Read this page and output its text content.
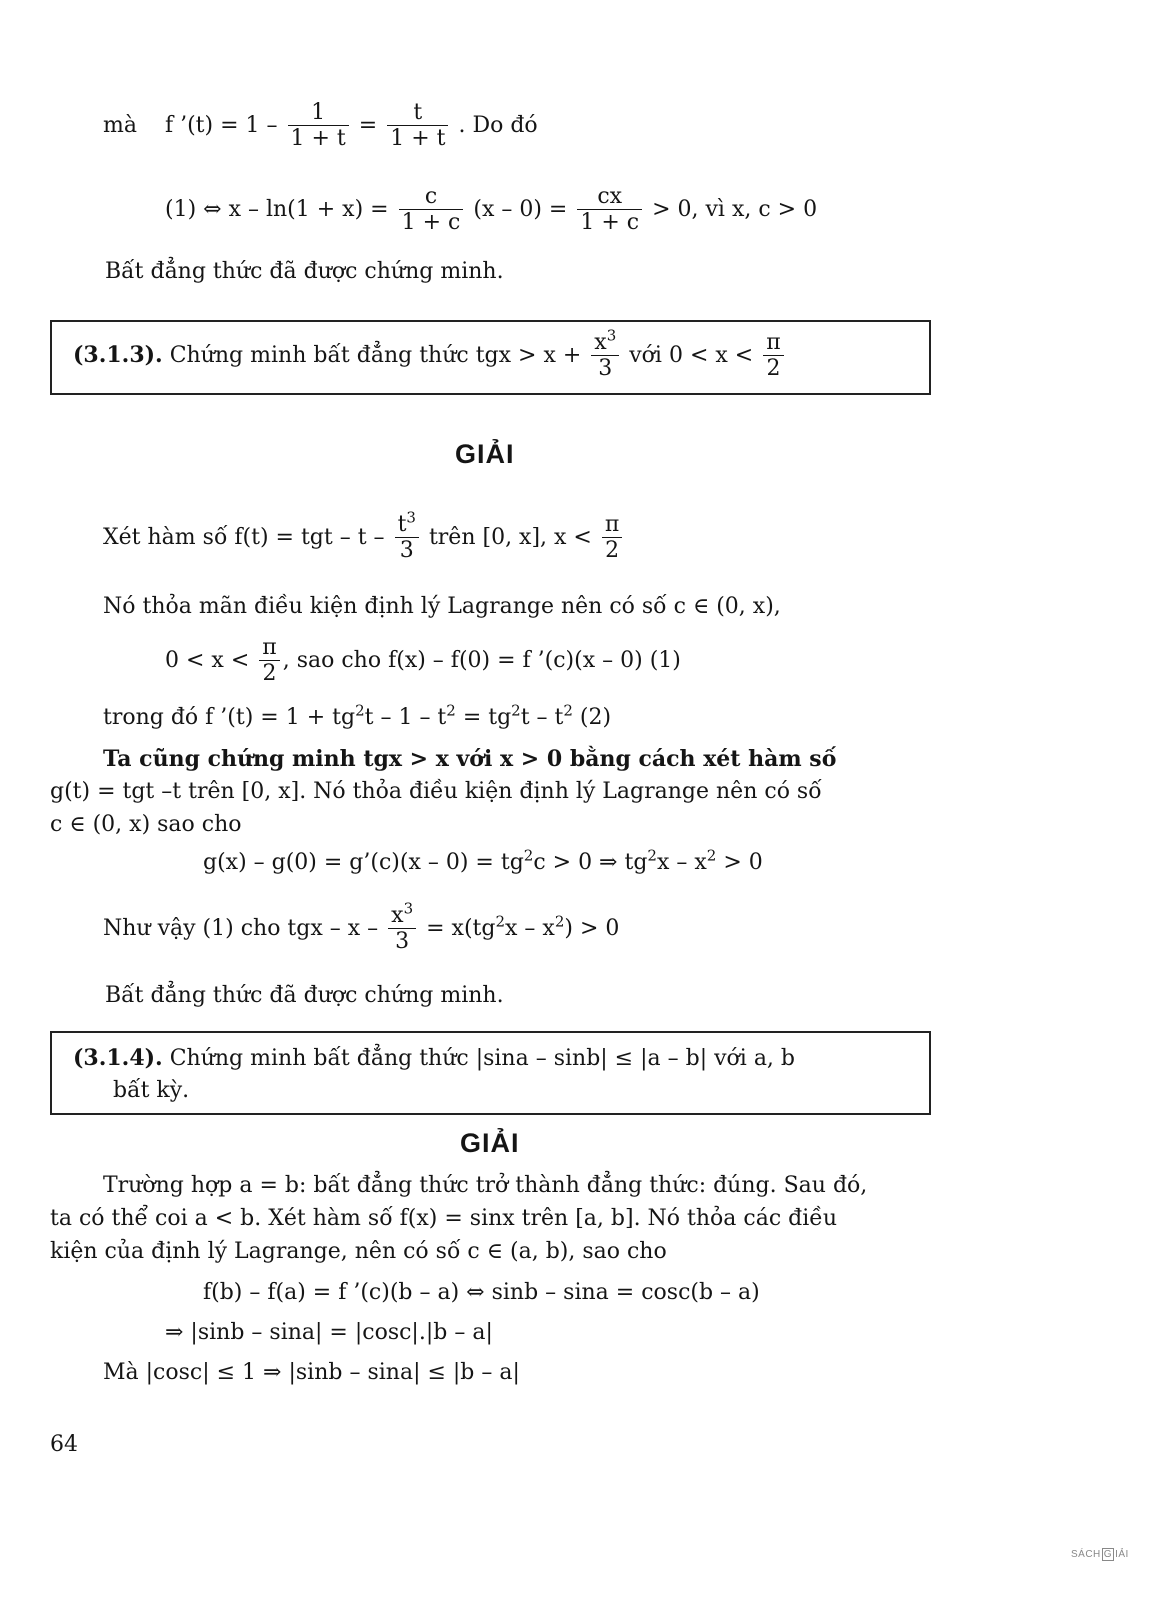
mà f ’(t) = $1 - \frac{1}{1 + t} = \frac{t}{1 + t}$ . Do đó
(1) ⇔ $x - \ln(1 + x) = \frac{c}{1 + c} (x - 0) = \frac{cx}{1 + c} > 0$, vì x, c > 0
Bất đẳng thức đã được chứng minh.
(3.1.3). Chứng minh bất đẳng thức tgx > $x + \frac{x^3}{3}$ với $0 < x < \frac{\pi}{2}$
GIẢI
Xét hàm số f(t) = tgt – t – $\frac{t^3}{3}$ trên [0, x], $x < \frac{\pi}{2}$
Nó thỏa mãn điều kiện định lý Lagrange nên có số c ∈ (0, x),
$0 < x < \frac{\pi}{2}$ , sao cho f(x) – f(0) = f ’(c)(x – 0) (1)
trong đó f ’(t) = $1 + tg^2t - 1 - t^2 = tg^2t - t^2$ (2)
Ta cũng chứng minh tgx > x với x > 0 bằng cách xét hàm số
g(t) = tgt –t trên [0, x]. Nó thỏa điều kiện định lý Lagrange nên có số
c ∈ (0, x) sao cho
g(x) – g(0) = g’(c)(x – $0) = tg^2c > 0$ ⇒ $tg^2x - x^2 > 0$
Như vậy (1) cho tgx – $x - \frac{x^3}{3} = x(tg^2x - x^2) > 0$
Bất đẳng thức đã được chứng minh.
(3.1.4). Chứng minh bất đẳng thức |sina – sinb| ≤ |a – b| với a, b
bất kỳ.
GIẢI
Trường hợp a = b: bất đẳng thức trở thành đẳng thức: đúng. Sau đó,
ta có thể coi a < b. Xét hàm số f(x) = sinx trên [a, b]. Nó thỏa các điều
kiện của định lý Lagrange, nên có số c ∈ (a, b), sao cho
f(b) – f(a) = f ’(c)(b – a) ⇔ sinb – sina = cosc(b – a)
⇒ |sinb – sina| = |cosc|.|b – a|
Mà |cosc| ≤ 1 ⇒ |sinb – sina| ≤ |b – a|
64
SÁCH G IẢI
